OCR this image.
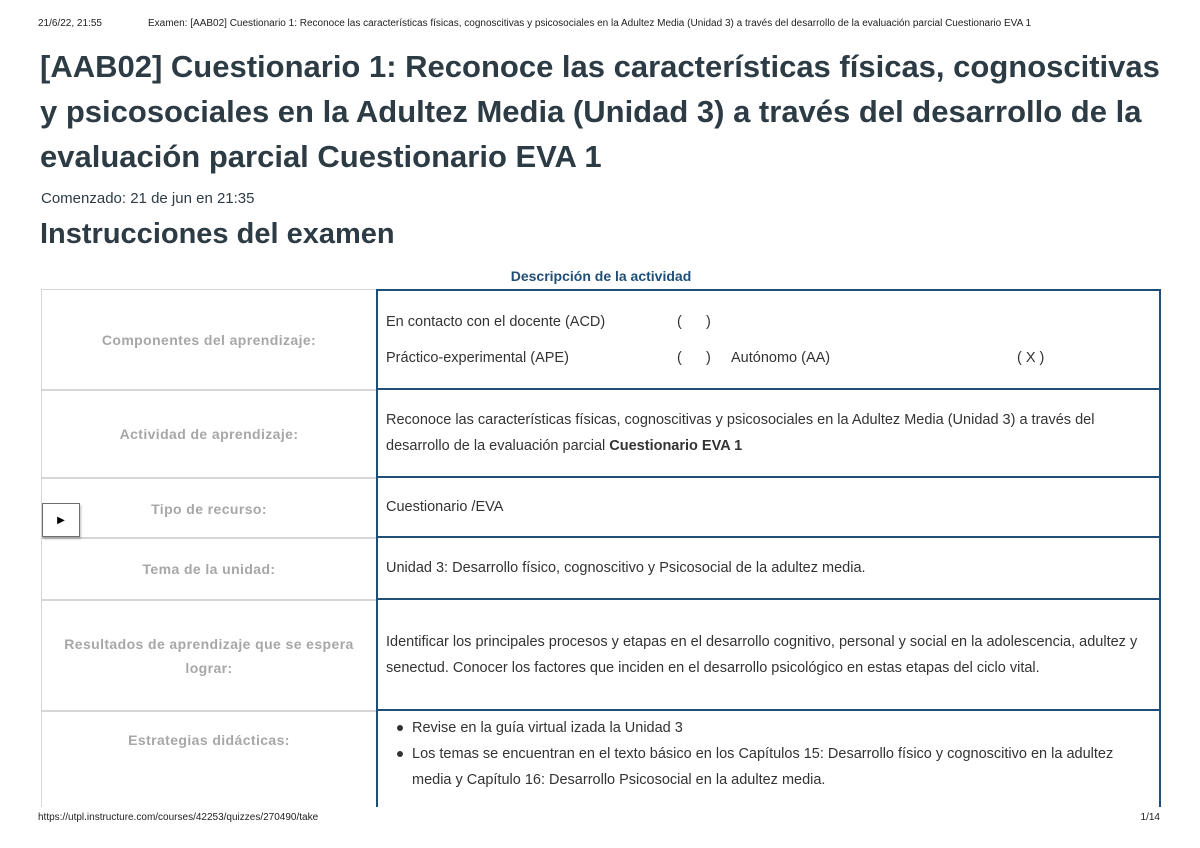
21/6/22, 21:55	Examen: [AAB02] Cuestionario 1: Reconoce las características físicas, cognoscitivas y psicosociales en la Adultez Media (Unidad 3) a través del desarrollo de la evaluación parcial Cuestionario EVA 1
[AAB02] Cuestionario 1: Reconoce las características físicas, cognoscitivas y psicosociales en la Adultez Media (Unidad 3) a través del desarrollo de la evaluación parcial Cuestionario EVA 1
Comenzado: 21 de jun en 21:35
Instrucciones del examen
Descripción de la actividad
Componentes del aprendizaje:
En contacto con el docente (ACD)	(      )
Práctico-experimental (APE)	(      )	Autónomo (AA)	( X )
Actividad de aprendizaje:
Reconoce las características físicas, cognoscitivas y psicosociales en la Adultez Media (Unidad 3) a través del desarrollo de la evaluación parcial Cuestionario EVA 1
Tipo de recurso:	Cuestionario /EVA
Tema de la unidad:	Unidad 3: Desarrollo físico, cognoscitivo y Psicosocial de la adultez media.
Resultados de aprendizaje que se espera lograr:
Identificar los principales procesos y etapas en el desarrollo cognitivo, personal y social en la adolescencia, adultez y senectud. Conocer los factores que inciden en el desarrollo psicológico en estas etapas del ciclo vital.
Estrategias didácticas:
Revise en la guía virtual izada la Unidad 3
Los temas se encuentran en el texto básico en los Capítulos 15: Desarrollo físico y cognoscitivo en la adultez media y Capítulo 16: Desarrollo Psicosocial en la adultez media.
▶
https://utpl.instructure.com/courses/42253/quizzes/270490/take	1/14
